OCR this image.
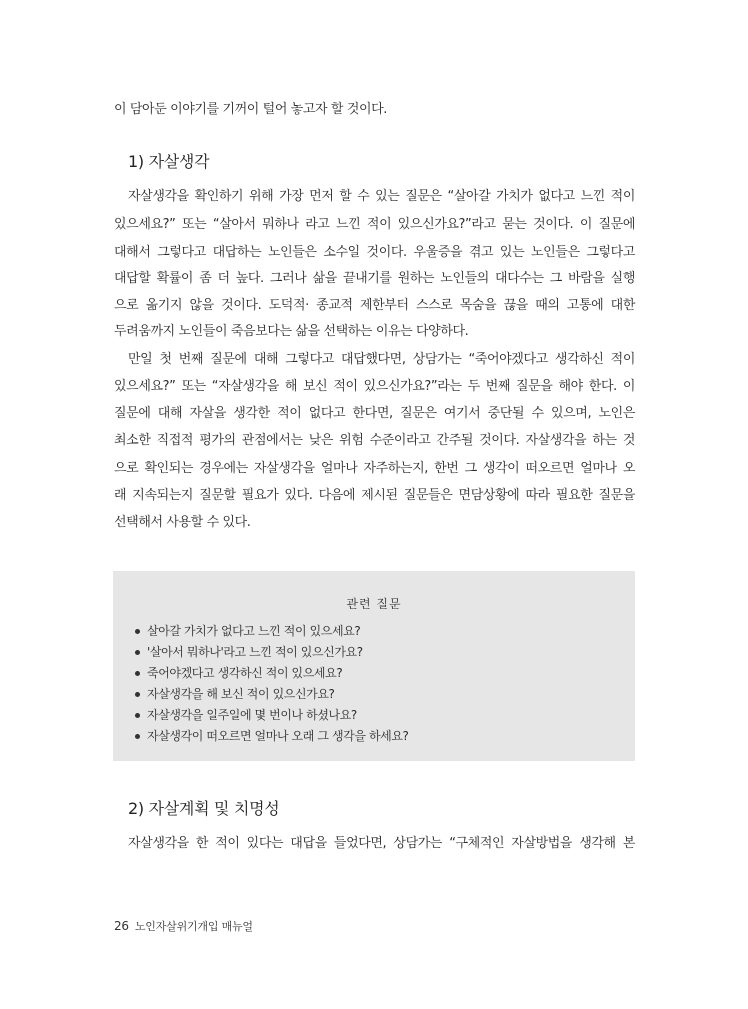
이 담아둔 이야기를 기꺼이 털어 놓고자 할 것이다.
1) 자살생각
자살생각을 확인하기 위해 가장 먼저 할 수 있는 질문은 “살아갈 가치가 없다고 느낀 적이
있으세요?” 또는 “살아서 뭐하나 라고 느낀 적이 있으신가요?”라고 묻는 것이다. 이 질문에
대해서 그렇다고 대답하는 노인들은 소수일 것이다. 우울증을 겪고 있는 노인들은 그렇다고
대답할 확률이 좀 더 높다. 그러나 삶을 끝내기를 원하는 노인들의 대다수는 그 바람을 실행
으로 옮기지 않을 것이다. 도덕적· 종교적 제한부터 스스로 목숨을 끊을 때의 고통에 대한
두려움까지 노인들이 죽음보다는 삶을 선택하는 이유는 다양하다.
만일 첫 번째 질문에 대해 그렇다고 대답했다면, 상담가는 “죽어야겠다고 생각하신 적이
있으세요?” 또는 “자살생각을 해 보신 적이 있으신가요?”라는 두 번째 질문을 해야 한다. 이
질문에 대해 자살을 생각한 적이 없다고 한다면, 질문은 여기서 중단될 수 있으며, 노인은
최소한 직접적 평가의 관점에서는 낮은 위험 수준이라고 간주될 것이다. 자살생각을 하는 것
으로 확인되는 경우에는 자살생각을 얼마나 자주하는지, 한번 그 생각이 떠오르면 얼마나 오
래 지속되는지 질문할 필요가 있다. 다음에 제시된 질문들은 면담상황에 따라 필요한 질문을
선택해서 사용할 수 있다.
관련 질문
살아갈 가치가 없다고 느낀 적이 있으세요?
'살아서 뭐하나'라고 느낀 적이 있으신가요?
죽어야겠다고 생각하신 적이 있으세요?
자살생각을 해 보신 적이 있으신가요?
자살생각을 일주일에 몇 번이나 하셨나요?
자살생각이 떠오르면 얼마나 오래 그 생각을 하세요?
2) 자살계획 및 치명성
자살생각을 한 적이 있다는 대답을 들었다면, 상담가는 “구체적인 자살방법을 생각해 본
26 노인자살위기개입 매뉴얼
